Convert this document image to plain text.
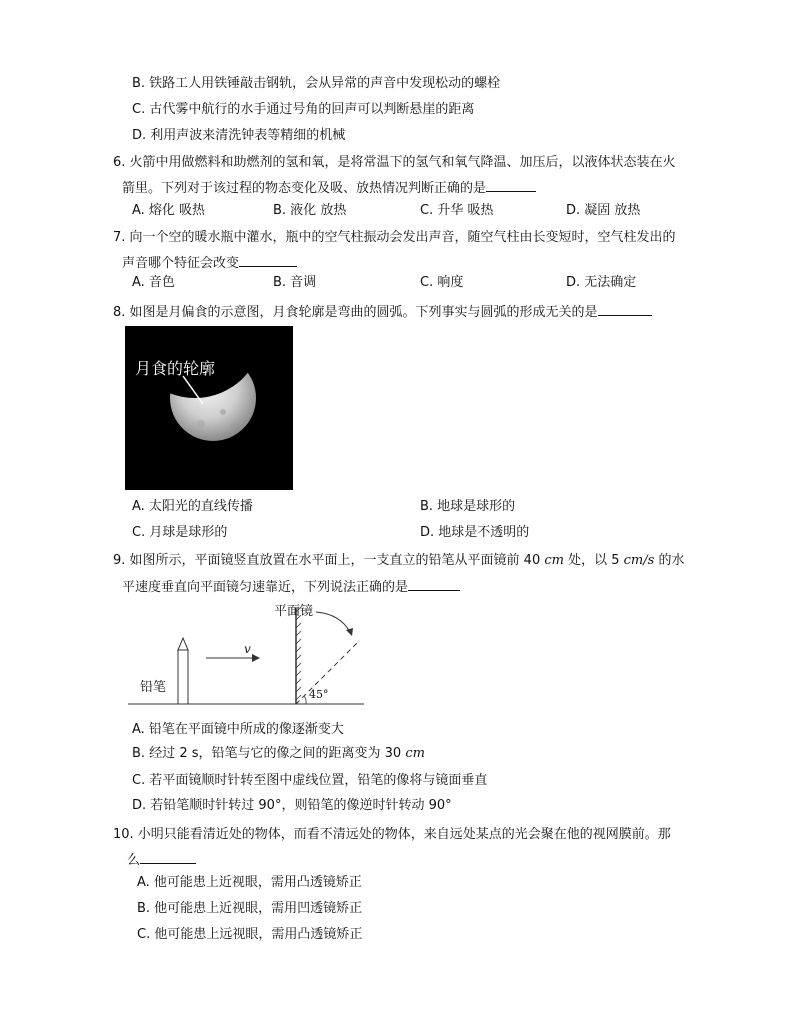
B. 铁路工人用铁锤敲击钢轨，会从异常的声音中发现松动的螺栓
C. 古代雾中航行的水手通过号角的回声可以判断悬崖的距离
D. 利用声波来清洗钟表等精细的机械
6. 火箭中用做燃料和助燃剂的氢和氧，是将常温下的氢气和氧气降温、加压后，以液体状态装在火
箭里。下列对于该过程的物态变化及吸、放热情况判断正确的是
A. 熔化 吸热	B. 液化 放热	C. 升华 吸热	D. 凝固 放热
7. 向一个空的暖水瓶中灌水，瓶中的空气柱振动会发出声音，随空气柱由长变短时，空气柱发出的
声音哪个特征会改变
A. 音色	B. 音调	C. 响度	D. 无法确定
8. 如图是月偏食的示意图，月食轮廓是弯曲的圆弧。下列事实与圆弧的形成无关的是
月食的轮廓
A. 太阳光的直线传播	B. 地球是球形的
C. 月球是球形的	D. 地球是不透明的
9. 如图所示，平面镜竖直放置在水平面上，一支直立的铅笔从平面镜前 40 cm 处，以 5 cm/s 的水
平速度垂直向平面镜匀速靠近，下列说法正确的是
平面镜
铅笔
v
45°
A. 铅笔在平面镜中所成的像逐渐变大
B. 经过 2 s，铅笔与它的像之间的距离变为 30 cm
C. 若平面镜顺时针转至图中虚线位置，铅笔的像将与镜面垂直
D. 若铅笔顺时针转过 90°，则铅笔的像逆时针转动 90°
10. 小明只能看清近处的物体，而看不清远处的物体，来自远处某点的光会聚在他的视网膜前。那
么
A. 他可能患上近视眼，需用凸透镜矫正
B. 他可能患上近视眼，需用凹透镜矫正
C. 他可能患上远视眼，需用凸透镜矫正
